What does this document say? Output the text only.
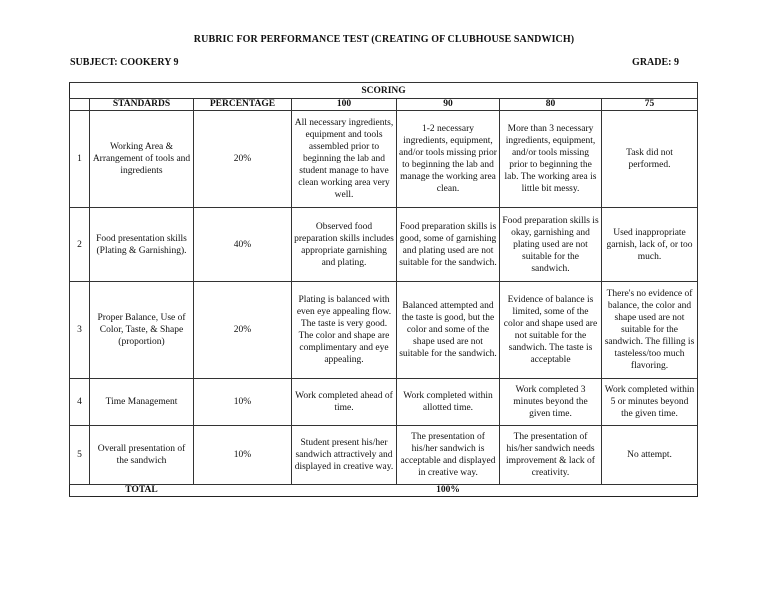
RUBRIC FOR PERFORMANCE TEST (CREATING OF CLUBHOUSE SANDWICH)
SUBJECT: COOKERY 9	GRADE: 9
SCORING						
	STANDARDS	PERCENTAGE	100	90	80	75
1	Working Area & Arrangement of tools and ingredients	20%	All necessary ingredients, equipment and tools assembled prior to beginning the lab and student manage to have clean working area very well.	1-2 necessary ingredients, equipment, and/or tools missing prior to beginning the lab and manage the working area clean.	More than 3 necessary ingredients, equipment, and/or tools missing prior to beginning the lab. The working area is little bit messy.	Task did not performed.
2	Food presentation skills (Plating & Garnishing).	40%	Observed food preparation skills includes appropriate garnishing and plating.	Food preparation skills is good, some of garnishing and plating used are not suitable for the sandwich.	Food preparation skills is okay, garnishing and plating used are not suitable for the sandwich.	Used inappropriate garnish, lack of, or too much.
3	Proper Balance, Use of Color, Taste, & Shape (proportion)	20%	Plating is balanced with even eye appealing flow. The taste is very good. The color and shape are complimentary and eye appealing.	Balanced attempted and the taste is good, but the color and some of the shape used are not suitable for the sandwich.	Evidence of balance is limited, some of the color and shape used are not suitable for the sandwich. The taste is acceptable	There's no evidence of balance, the color and shape used are not suitable for the sandwich. The filling is tasteless/too much flavoring.
4	Time Management	10%	Work completed ahead of time.	Work completed within allotted time.	Work completed 3 minutes beyond the given time.	Work completed within 5 or minutes beyond the given time.
5	Overall presentation of the sandwich	10%	Student present his/her sandwich attractively and displayed in creative way.	The presentation of his/her sandwich is acceptable and displayed in creative way.	The presentation of his/her sandwich needs improvement & lack of creativity.	No attempt.
	TOTAL			100%		
